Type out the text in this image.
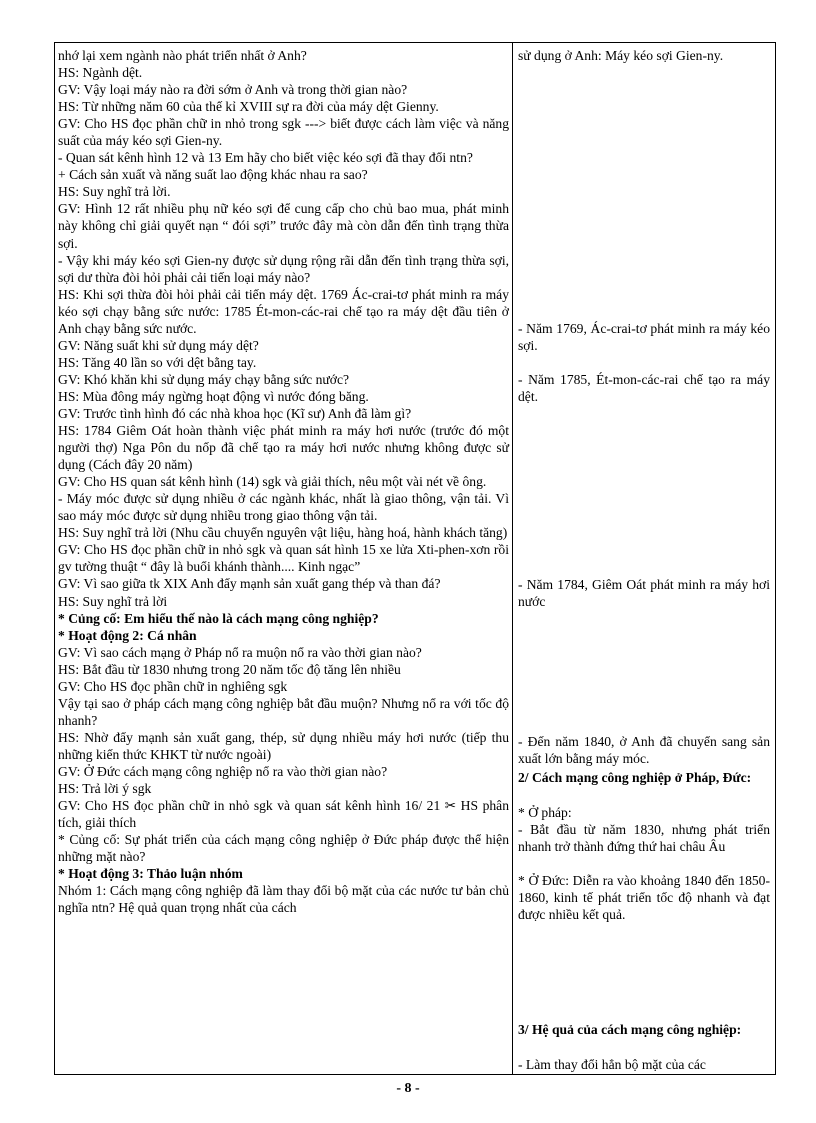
nhớ lại xem ngành nào phát triển nhất ở Anh?

HS: Ngành dệt.

GV: Vậy loại máy nào ra đời sớm ở Anh và trong thời gian nào?

HS: Từ những năm 60 của thế kỉ XVIII sự ra đời của máy dệt Gienny.

GV: Cho HS đọc phần chữ in nhỏ trong sgk ---> biết được cách làm việc và năng suất của máy kéo sợi Gien-ny.

- Quan sát kênh hình 12 và 13 Em hãy cho biết việc kéo sợi đã thay đổi ntn?

+ Cách sản xuất và năng suất lao động khác nhau ra sao?

HS: Suy nghĩ trả lời.

GV: Hình 12 rất nhiều phụ nữ kéo sợi để cung cấp cho chủ bao mua, phát minh này không chỉ giải quyết nạn “ đói sợi” trước đây mà còn dẫn đến tình trạng thừa sợi.

- Vậy khi máy kéo sợi Gien-ny được sử dụng rộng rãi dẫn đến tình trạng thừa sợi, sợi dư thừa đòi hỏi phải cải tiến loại máy nào?

HS: Khi sợi thừa đòi hỏi phải cải tiến máy dệt. 1769 Ác-crai-tơ phát minh ra máy kéo sợi chạy bằng sức nước: 1785 Ét-mon-các-rai chế tạo ra máy dệt đầu tiên ở Anh chạy bằng sức nước.

GV: Năng suất khi sử dụng máy dệt?

HS: Tăng 40 lần so với dệt bằng tay.

GV: Khó khăn khi sử dụng máy chạy bằng sức nước?

HS: Mùa đông máy ngừng hoạt động vì nước đóng băng.

GV: Trước tình hình đó các nhà khoa học (Kĩ sư) Anh đã làm gì?

HS: 1784 Giêm Oát hoàn thành việc phát minh ra máy hơi nước (trước đó một người thợ) Nga Pôn du nốp đã chế tạo ra máy hơi nước nhưng không được sử dụng (Cách đây 20 năm)

GV: Cho HS quan sát kênh hình (14) sgk và giải thích, nêu một vài nét về ông.

- Máy móc được sử dụng nhiều ở các ngành khác, nhất là giao thông, vận tải. Vì sao máy móc được sử dụng nhiều trong giao thông vận tải.

HS: Suy nghĩ trả lời (Nhu cầu chuyển nguyên vật liệu, hàng hoá, hành khách tăng)

GV: Cho HS đọc phần chữ in nhỏ sgk và quan sát hình 15 xe lửa Xti-phen-xơn rồi gv tường thuật “ đây là buổi khánh thành.... Kinh ngạc”

GV: Vì sao giữa tk XIX Anh đẩy mạnh sản xuất gang thép và than đá?

HS: Suy nghĩ trả lời

* Củng cố: Em hiểu thế nào là cách mạng công nghiệp?

* Hoạt động 2: Cá nhân

GV: Vì sao cách mạng ở Pháp nổ ra muộn nổ ra vào thời gian nào?

HS: Bắt đầu từ 1830 nhưng trong 20 năm tốc độ tăng lên nhiều

GV: Cho HS đọc phần chữ in nghiêng sgk

Vậy tại sao ở pháp cách mạng công nghiệp bắt đầu muộn? Nhưng nổ ra với tốc độ nhanh?

HS: Nhờ đẩy mạnh sản xuất gang, thép, sử dụng nhiều máy hơi nước (tiếp thu những kiến thức KHKT từ nước ngoài)

GV: Ở Đức cách mạng công nghiệp nổ ra vào thời gian nào?

HS: Trả lời ý sgk

GV: Cho HS đọc phần chữ in nhỏ sgk và quan sát kênh hình 16/ 21 ✂ HS phân tích, giải thích

* Củng cố: Sự phát triển của cách mạng công nghiệp ở Đức pháp được thể hiện những mặt nào?

* Hoạt động 3: Thảo luận nhóm

Nhóm 1: Cách mạng công nghiệp đã làm thay đổi bộ mặt của các nước tư bản chủ nghĩa ntn? Hệ quả quan trọng nhất của cách

sử dụng ở Anh: Máy kéo sợi Gien-ny.
- Năm 1769, Ác-crai-tơ phát minh ra máy kéo sợi.
- Năm 1785, Ét-mon-các-rai chế tạo ra máy dệt.
- Năm 1784, Giêm Oát phát minh ra máy hơi nước
- Đến năm 1840, ở Anh đã chuyển sang sản xuất lớn bằng máy móc.
2/ Cách mạng công nghiệp ở Pháp, Đức:
* Ở pháp:
- Bắt đầu từ năm 1830, nhưng phát triển nhanh trở thành đứng thứ hai châu Âu
* Ở Đức: Diễn ra vào khoảng 1840 đến 1850- 1860, kinh tế phát triển tốc độ nhanh và đạt được nhiều kết quả.
3/ Hệ quả của cách mạng công nghiệp:
- Làm thay đổi hẳn bộ mặt của các
- 8 -
